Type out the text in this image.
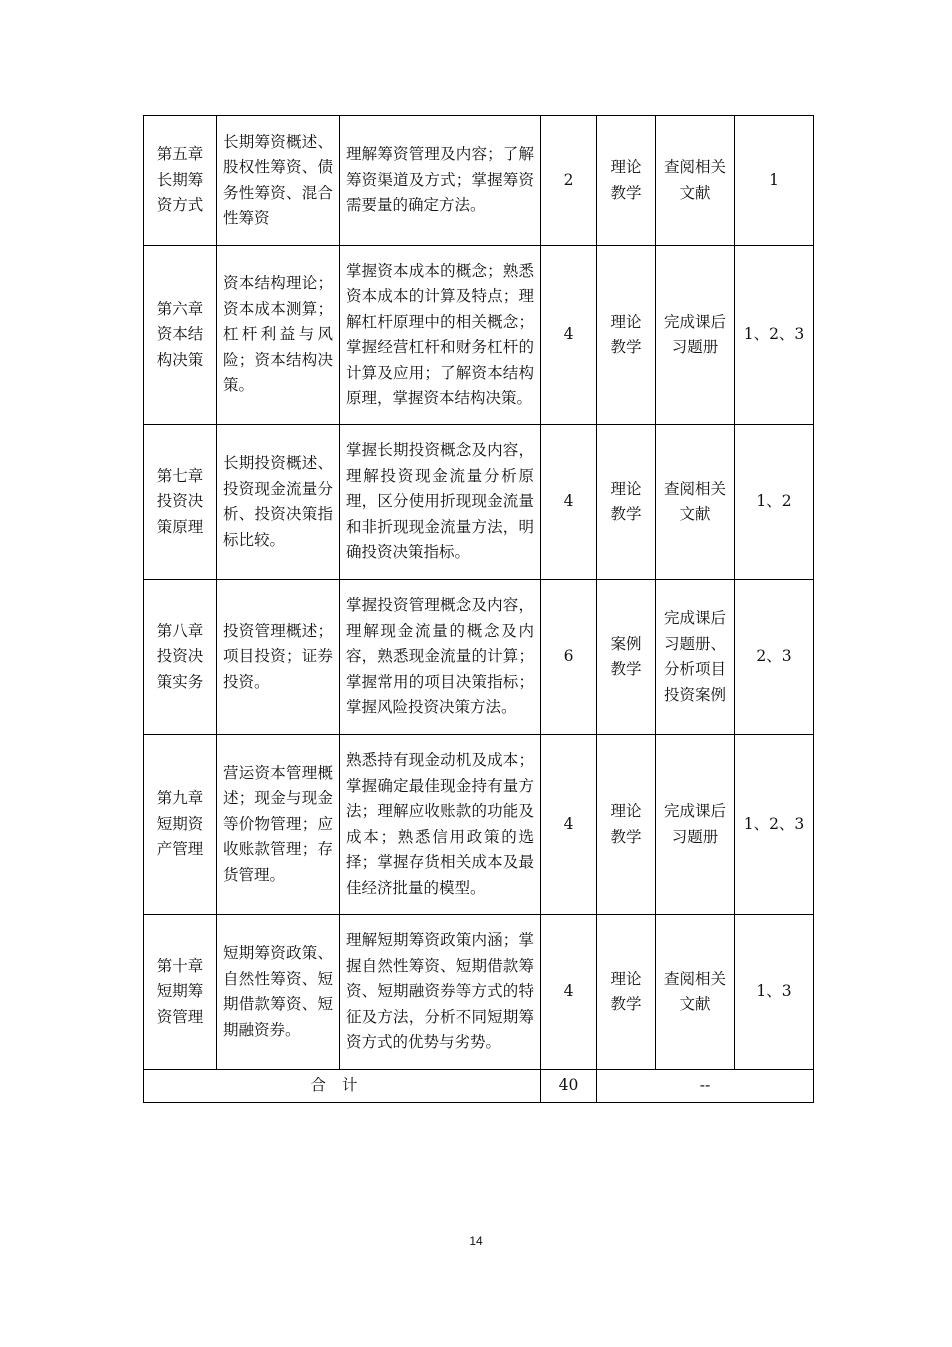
第五章长期筹资方式	长期筹资概述、股权性筹资、债务性筹资、混合性筹资	理解筹资管理及内容；了解筹资渠道及方式；掌握筹资需要量的确定方法。	2	理论教学	查阅相关文献	1
第六章资本结构决策	资本结构理论；资本成本测算；杠杆利益与风险；资本结构决策。	掌握资本成本的概念；熟悉资本成本的计算及特点；理解杠杆原理中的相关概念；掌握经营杠杆和财务杠杆的计算及应用；了解资本结构原理，掌握资本结构决策。	4	理论教学	完成课后习题册	1、2、3
第七章投资决策原理	长期投资概述、投资现金流量分析、投资决策指标比较。	掌握长期投资概念及内容，理解投资现金流量分析原理，区分使用折现现金流量和非折现现金流量方法，明确投资决策指标。	4	理论教学	查阅相关文献	1、2
第八章投资决策实务	投资管理概述；项目投资；证券投资。	掌握投资管理概念及内容，理解现金流量的概念及内容，熟悉现金流量的计算；掌握常用的项目决策指标；掌握风险投资决策方法。	6	案例教学	完成课后习题册、分析项目投资案例	2、3
第九章短期资产管理	营运资本管理概述；现金与现金等价物管理；应收账款管理；存货管理。	熟悉持有现金动机及成本；掌握确定最佳现金持有量方法；理解应收账款的功能及成本；熟悉信用政策的选择；掌握存货相关成本及最佳经济批量的模型。	4	理论教学	完成课后习题册	1、2、3
第十章短期筹资管理	短期筹资政策、自然性筹资、短期借款筹资、短期融资券。	理解短期筹资政策内涵；掌握自然性筹资、短期借款筹资、短期融资券等方式的特征及方法，分析不同短期筹资方式的优势与劣势。	4	理论教学	查阅相关文献	1、3
合计			40	--		
14
